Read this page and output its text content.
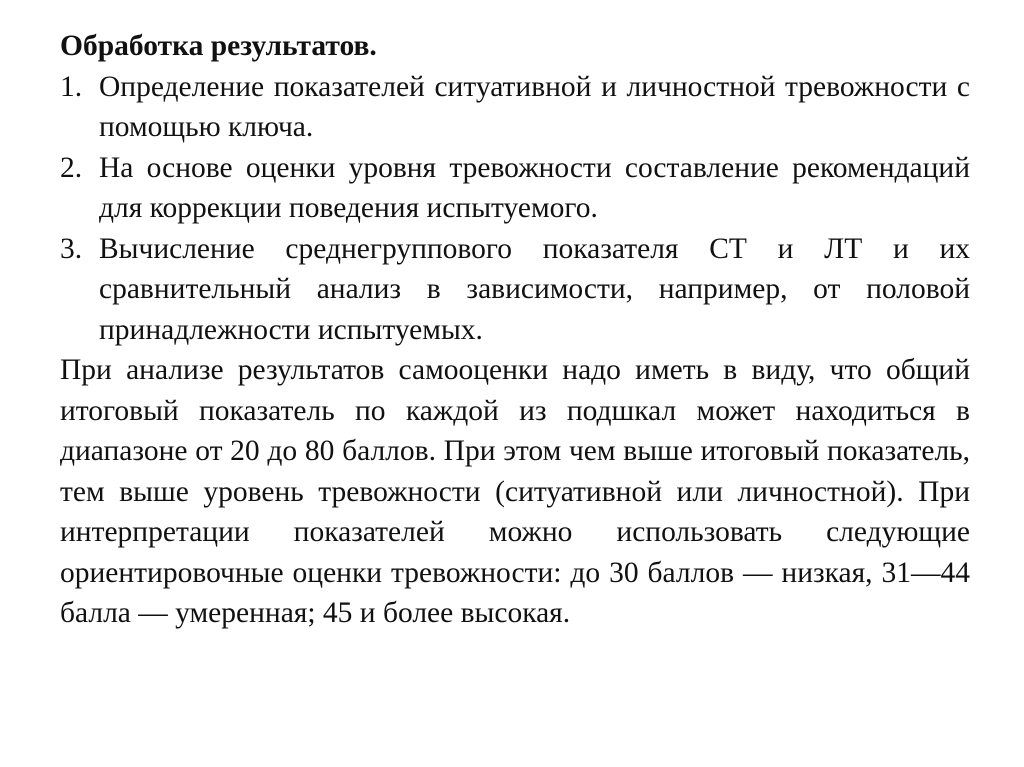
Обработка результатов.

1. Определение показателей ситуативной и личностной тревожности с помощью ключа.
2. На основе оценки уровня тревожности составление рекомендаций для коррекции поведения испытуемого.
3. Вычисление среднегруппового показателя СТ и ЛТ и их сравнительный анализ в зависимости, например, от половой принадлежности испытуемых.

При анализе результатов самооценки надо иметь в виду, что общий итоговый показатель по каждой из подшкал может находиться в диапазоне от 20 до 80 баллов. При этом чем выше итоговый показатель, тем выше уровень тревожности (ситуативной или личностной). При интерпретации показателей можно использовать следующие ориентировочные оценки тревожности: до 30 баллов — низкая, 31—44 балла — умеренная; 45 и более высокая.
